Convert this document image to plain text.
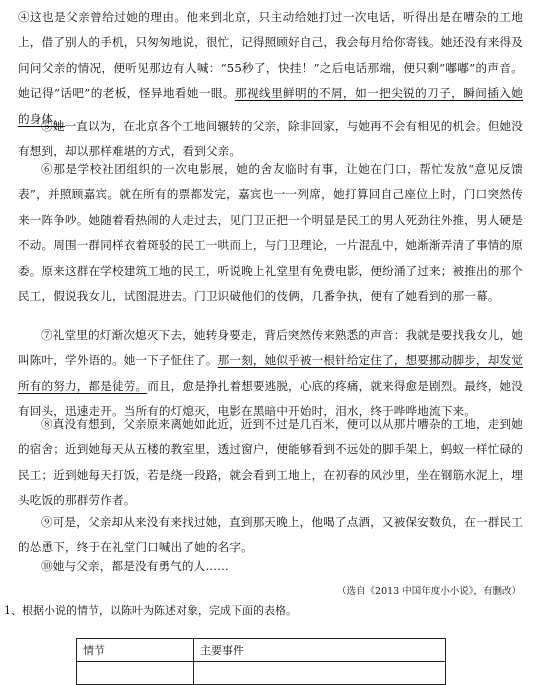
④这也是父亲曾给过她的理由。他来到北京，只主动给她打过一次电话，听得出是在嘈杂的工地上，借了别人的手机，只匆匆地说，很忙，记得照顾好自己，我会每月给你寄钱。她还没有来得及问问父亲的情况，便听见那边有人喊：“55秒了，快挂！”之后电话那端，便只剩“嘟嘟”的声音。她记得“话吧”的老板，怪异地看她一眼。那视线里鲜明的不屑，如一把尖锐的刀子，瞬间插入她的身体。

⑤她一直以为，在北京各个工地间辗转的父亲，除非回家，与她再不会有相见的机会。但她没有想到，却以那样难堪的方式，看到父亲。

⑥那是学校社团组织的一次电影展，她的舍友临时有事，让她在门口，帮忙发放“意见反馈表”，并照顾嘉宾。就在所有的票都发完，嘉宾也一一列席，她打算回自己座位上时，门口突然传来一阵争吵。她随着看热闹的人走过去，见门卫正把一个明显是民工的男人死劲往外推，男人硬是不动。周围一群同样衣着斑驳的民工一哄而上，与门卫理论，一片混乱中，她渐渐弄清了事情的原委。原来这群在学校建筑工地的民工，听说晚上礼堂里有免费电影，便纷涌了过来；被推出的那个民工，假说我女儿，试图混进去。门卫识破他们的伎俩，几番争执，便有了她看到的那一幕。

⑦礼堂里的灯渐次熄灭下去，她转身要走，背后突然传来熟悉的声音：我就是要找我女儿，她叫陈叶，学外语的。她一下子怔住了。那一刻，她似乎被一根针给定住了，想要挪动脚步，却发觉所有的努力，都是徒劳。而且，愈是挣扎着想要逃脱，心底的疼痛，就来得愈是剧烈。最终，她没有回头，迅速走开。当所有的灯熄灭，电影在黑暗中开始时，泪水，终于哗哗地流下来。

⑧真没有想到，父亲原来离她如此近，近到不过是几百米，便可以从那片嘈杂的工地，走到她的宿舍；近到她每天从五楼的教室里，透过窗户，便能够看到不远处的脚手架上，蚂蚁一样忙碌的民工；近到她每天打饭，若是绕一段路，就会看到工地上，在初春的风沙里，坐在钢筋水泥上，埋头吃饭的那群劳作者。

⑨可是，父亲却从来没有来找过她，直到那天晚上，他喝了点酒，又被保安数负，在一群民工的怂恿下，终于在礼堂门口喊出了她的名字。

⑩她与父亲，都是没有勇气的人……

（选自《2013 中国年度小小说》，有删改）

1、根据小说的情节，以陈叶为陈述对象，完成下面的表格。

情节	主要事件
